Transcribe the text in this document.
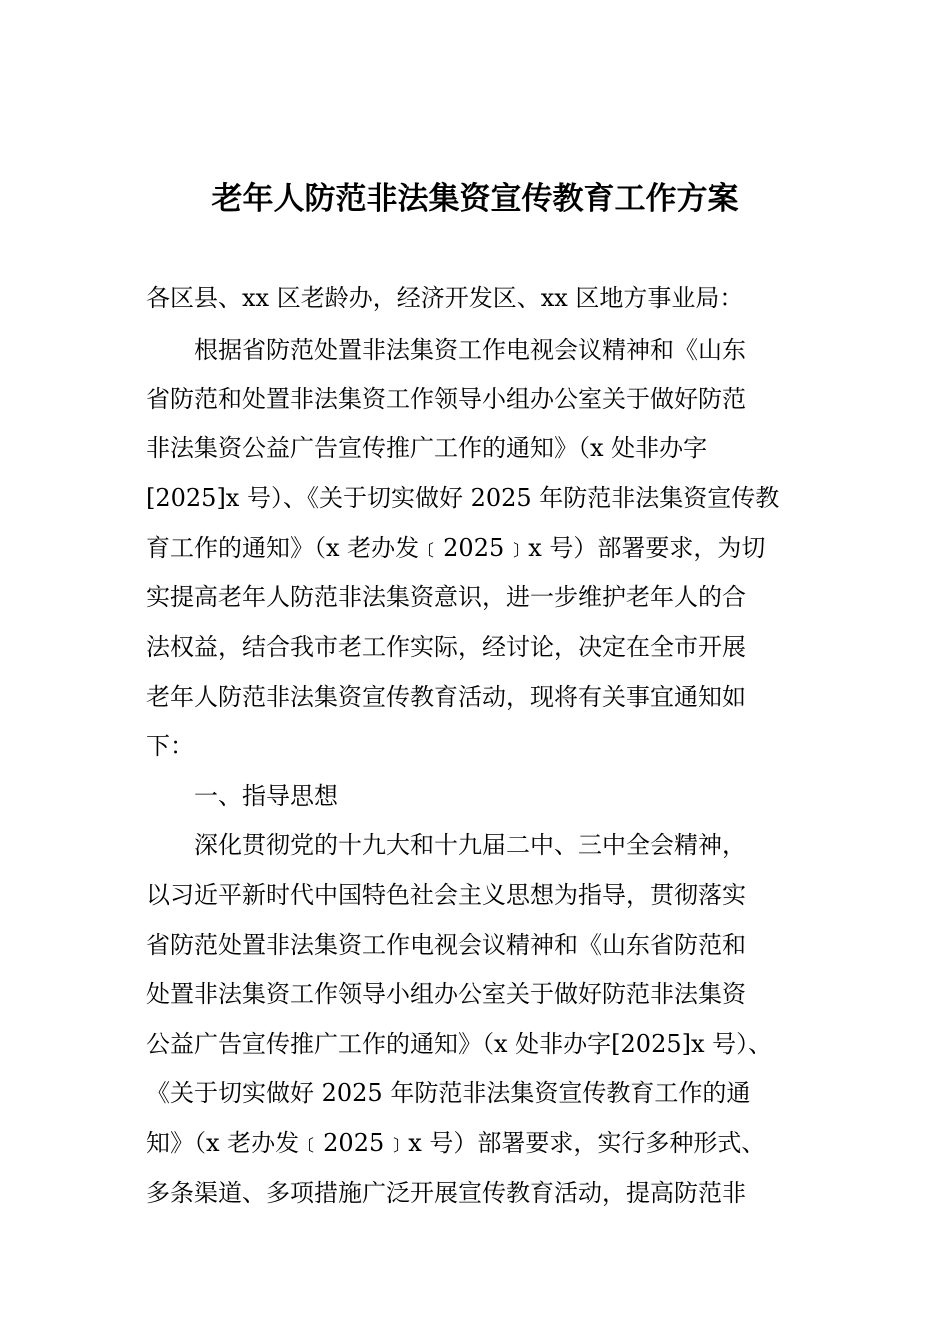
老年人防范非法集资宣传教育工作方案
各区县、xx 区老龄办，经济开发区、xx 区地方事业局：
　　根据省防范处置非法集资工作电视会议精神和《山东
省防范和处置非法集资工作领导小组办公室关于做好防范
非法集资公益广告宣传推广工作的通知》（x 处非办字
[2025]x 号）、《关于切实做好 2025 年防范非法集资宣传教
育工作的通知》（x 老办发﹝2025﹞x 号）部署要求，为切
实提高老年人防范非法集资意识，进一步维护老年人的合
法权益，结合我市老工作实际，经讨论，决定在全市开展
老年人防范非法集资宣传教育活动，现将有关事宜通知如
下：
　　一、指导思想
　　深化贯彻党的十九大和十九届二中、三中全会精神，
以习近平新时代中国特色社会主义思想为指导，贯彻落实
省防范处置非法集资工作电视会议精神和《山东省防范和
处置非法集资工作领导小组办公室关于做好防范非法集资
公益广告宣传推广工作的通知》（x 处非办字[2025]x 号）、
《关于切实做好 2025 年防范非法集资宣传教育工作的通
知》（x 老办发﹝2025﹞x 号）部署要求，实行多种形式、
多条渠道、多项措施广泛开展宣传教育活动，提高防范非
